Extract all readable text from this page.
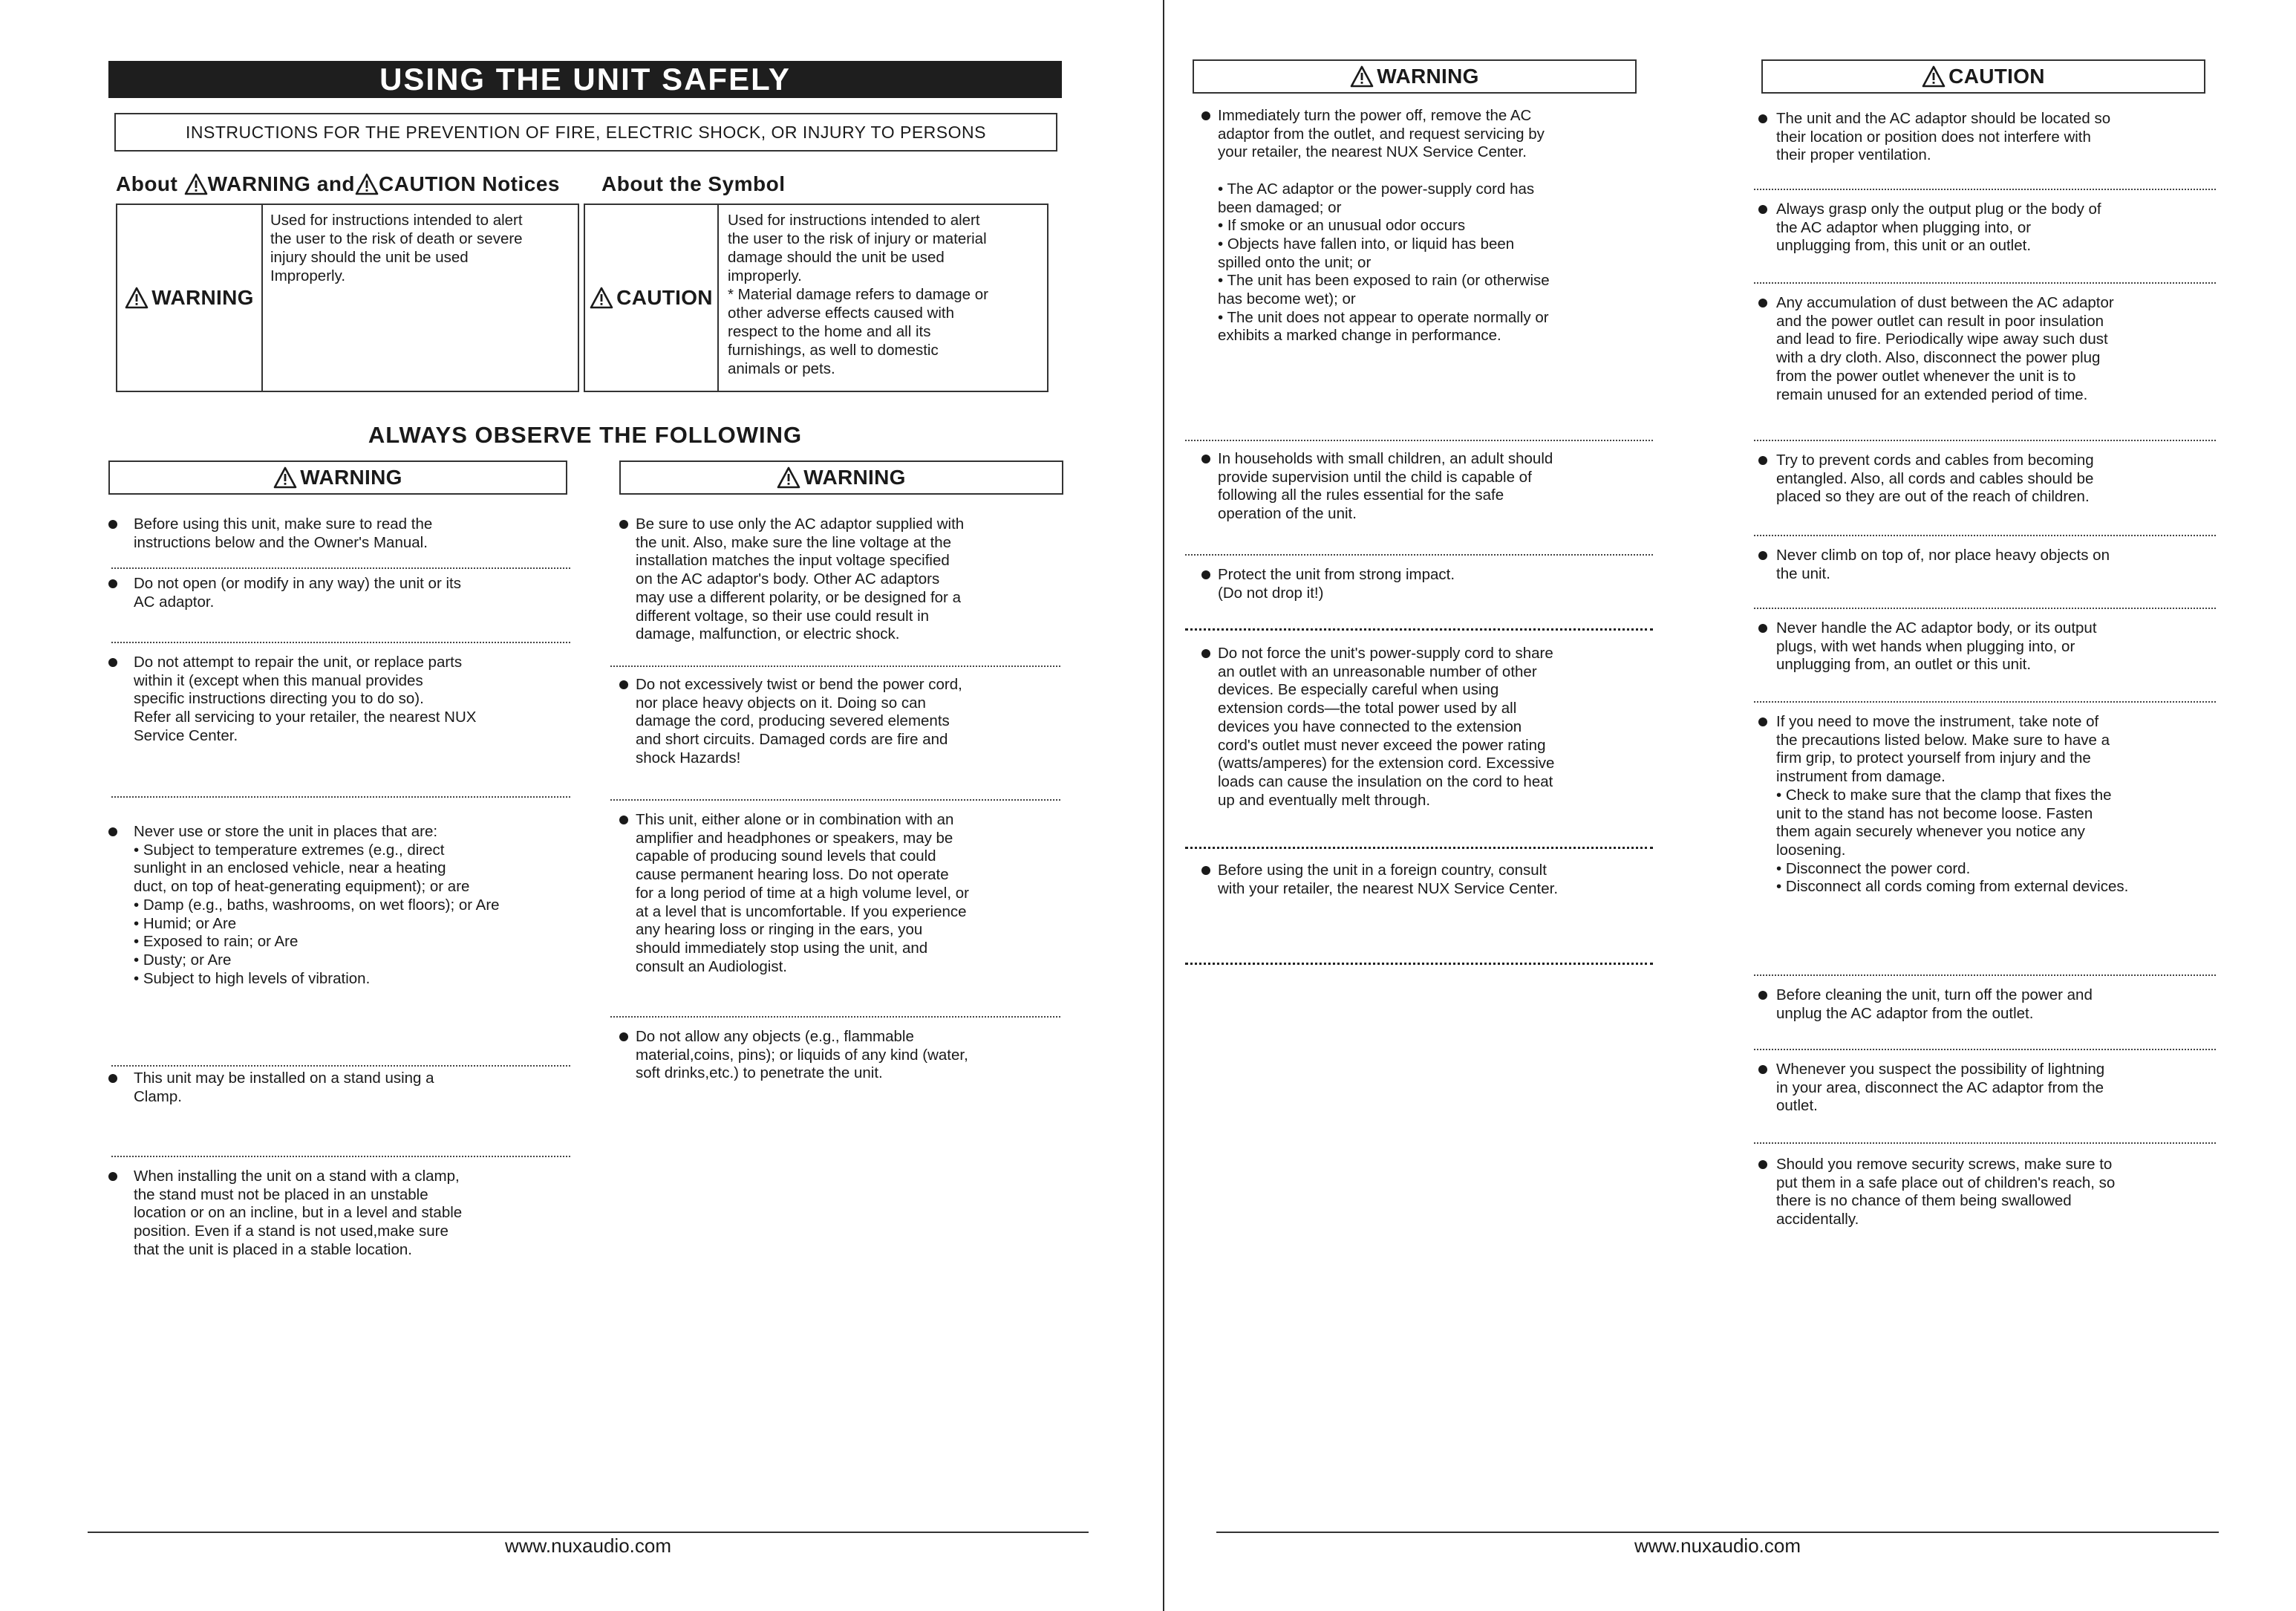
USING THE UNIT SAFELY
INSTRUCTIONS FOR THE PREVENTION OF FIRE, ELECTRIC SHOCK, OR INJURY TO PERSONS
About WARNING and CAUTION Notices About the Symbol
WARNING
Used for instructions intended to alert
the user to the risk of death or severe
injury should the unit be used
Improperly.
CAUTION
Used for instructions intended to alert
the user to the risk of injury or material
damage should the unit be used
improperly.
* Material damage refers to damage or
other adverse effects caused with
respect to the home and all its
furnishings, as well to domestic
animals or pets.
ALWAYS OBSERVE THE FOLLOWING
WARNING	WARNING
Before using this unit, make sure to read the
instructions below and the Owner's Manual.
Do not open (or modify in any way) the unit or its
AC adaptor.
Do not attempt to repair the unit, or replace parts
within it (except when this manual provides
specific instructions directing you to do so).
Refer all servicing to your retailer, the nearest NUX
Service Center.
Never use or store the unit in places that are:
• Subject to temperature extremes (e.g., direct
sunlight in an enclosed vehicle, near a heating
duct, on top of heat-generating equipment); or are
• Damp (e.g., baths, washrooms, on wet floors); or Are
• Humid; or Are
• Exposed to rain; or Are
• Dusty; or Are
• Subject to high levels of vibration.
This unit may be installed on a stand using a
Clamp.
When installing the unit on a stand with a clamp,
the stand must not be placed in an unstable
location or on an incline, but in a level and stable
position. Even if a stand is not used,make sure
that the unit is placed in a stable location.
Be sure to use only the AC adaptor supplied with
the unit. Also, make sure the line voltage at the
installation matches the input voltage specified
on the AC adaptor's body. Other AC adaptors
may use a different polarity, or be designed for a
different voltage, so their use could result in
damage, malfunction, or electric shock.
Do not excessively twist or bend the power cord,
nor place heavy objects on it. Doing so can
damage the cord, producing severed elements
and short circuits. Damaged cords are fire and
shock Hazards!
This unit, either alone or in combination with an
amplifier and headphones or speakers, may be
capable of producing sound levels that could
cause permanent hearing loss. Do not operate
for a long period of time at a high volume level, or
at a level that is uncomfortable. If you experience
any hearing loss or ringing in the ears, you
should immediately stop using the unit, and
consult an Audiologist.
Do not allow any objects (e.g., flammable
material,coins, pins); or liquids of any kind (water,
soft drinks,etc.) to penetrate the unit.
www.nuxaudio.com
WARNING	CAUTION
Immediately turn the power off, remove the AC
adaptor from the outlet, and request servicing by
your retailer, the nearest NUX Service Center.

• The AC adaptor or the power-supply cord has
been damaged; or
• If smoke or an unusual odor occurs
• Objects have fallen into, or liquid has been
spilled onto the unit; or
• The unit has been exposed to rain (or otherwise
has become wet); or
• The unit does not appear to operate normally or
exhibits a marked change in performance.
In households with small children, an adult should
provide supervision until the child is capable of
following all the rules essential for the safe
operation of the unit.
Protect the unit from strong impact.
(Do not drop it!)
Do not force the unit's power-supply cord to share
an outlet with an unreasonable number of other
devices. Be especially careful when using
extension cords—the total power used by all
devices you have connected to the extension
cord's outlet must never exceed the power rating
(watts/amperes) for the extension cord. Excessive
loads can cause the insulation on the cord to heat
up and eventually melt through.
Before using the unit in a foreign country, consult
with your retailer, the nearest NUX Service Center.
The unit and the AC adaptor should be located so
their location or position does not interfere with
their proper ventilation.
Always grasp only the output plug or the body of
the AC adaptor when plugging into, or
unplugging from, this unit or an outlet.
Any accumulation of dust between the AC adaptor
and the power outlet can result in poor insulation
and lead to fire. Periodically wipe away such dust
with a dry cloth. Also, disconnect the power plug
from the power outlet whenever the unit is to
remain unused for an extended period of time.
Try to prevent cords and cables from becoming
entangled. Also, all cords and cables should be
placed so they are out of the reach of children.
Never climb on top of, nor place heavy objects on
the unit.
Never handle the AC adaptor body, or its output
plugs, with wet hands when plugging into, or
unplugging from, an outlet or this unit.
If you need to move the instrument, take note of
the precautions listed below. Make sure to have a
firm grip, to protect yourself from injury and the
instrument from damage.
• Check to make sure that the clamp that fixes the
unit to the stand has not become loose. Fasten
them again securely whenever you notice any
loosening.
• Disconnect the power cord.
• Disconnect all cords coming from external devices.
Before cleaning the unit, turn off the power and
unplug the AC adaptor from the outlet.
Whenever you suspect the possibility of lightning
in your area, disconnect the AC adaptor from the
outlet.
Should you remove security screws, make sure to
put them in a safe place out of children's reach, so
there is no chance of them being swallowed
accidentally.
www.nuxaudio.com
